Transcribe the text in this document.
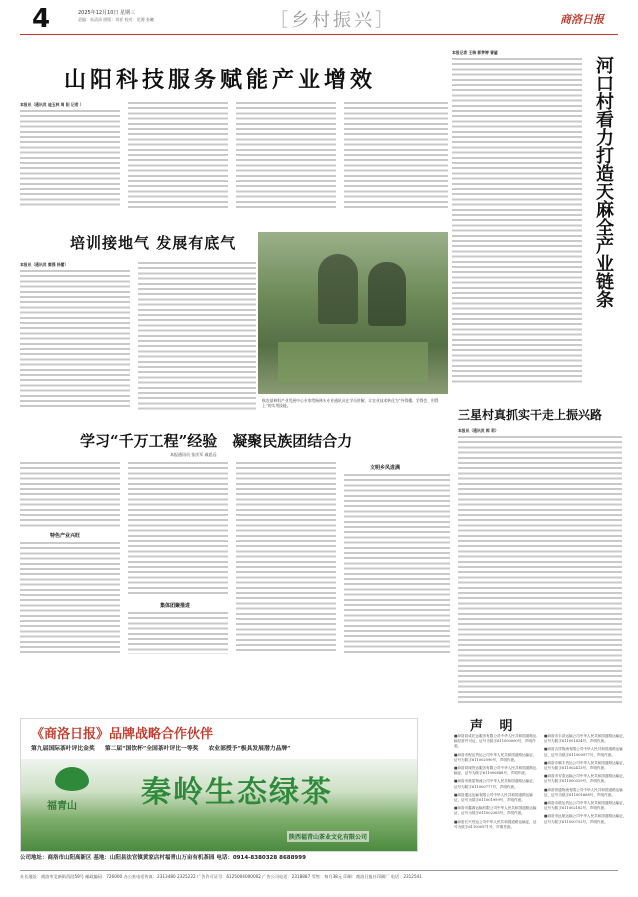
4	2025年12月10日 星期三
责编：朱清清 照版：刘祥 校对：党湘 张曦	［乡村振兴］	商洛日报
山阳科技服务赋能产业增效
本报讯（通讯员 迪玉林 周 阳 记者 ）
本报记者 王瑞 郭梦婷 曾鋆
河口村看力打造天麻全产业链条
培训接地气 发展有底气
本报讯（通讯员 秦强 杨蕾）
秋农基林科产业发展中心专家给杨林头专业通讯员在学员讲解，让农业技术转化为“外得懂、学得会、用得上”的实用技能。
三星村真抓实干走上振兴路
本报讯（通讯员 郭 莉）
学习“千万工程”经验　凝聚民族团结合力
本报通讯员 张庆军 戚思远
特色产业兴旺
集体团聚推进
文明乡风进满
《商洛日报》品牌战略合作伙伴
第九届国际茶叶评比金奖 第二届“国饮杯”全国茶叶评比一等奖 农业部授予“极具发展潜力品牌”
福青山 秦岭生态绿茶
陕西福青山茶业文化有限公司
公司地址：商洛市山阳高新区 基地：山阳县法官镇黄家店村福青山万亩有机茶园 电话：0914-8380328 8688999
声 明
■商洛同成托运服务有限公司中华人民共和国道路运输经营许可证，证号为陕字611000000号，声明作废。
■商洛市程达货运公司中华人民共和国道路运输证，证号为陕字611002090号，声明作废。
■商洛同城货运服务有限公司中华人民共和国道路运输证，证号为陕字611000888号，声明作废。
■商洛市晨星物流公司中华人民共和国道路运输证，证号为陕字611000777号，声明作废。
■商洛通达运输有限公司中华人民共和国道路运输证，证号为陕字611001999号，声明作废。
■商洛市鑫源运输有限公司中华人民共和国道路运输证，证号为陕字611002365号，声明作废。
■商洛长兴货运公司中华人民共和国道路运输证，证号为陕字611000571号，声明作废。
■商洛市丰泽运输公司中华人民共和国道路运输证，证号为陕字611001824号，声明作废。
■商洛吉祥物流有限公司中华人民共和国道路运输证，证号为陕字611000977号，声明作废。
■商洛市顺丰货运公司中华人民共和国道路运输证，证号为陕字611002413号，声明作废。
■商洛市安泰运输公司中华人民共和国道路运输证，证号为陕字611000329号，声明作废。
■商洛恒通物流有限公司中华人民共和国道路运输证，证号为陕字611001668号，声明作废。
■商洛市联运货运公司中华人民共和国道路运输证，证号为陕字611002182号，声明作废。
■商洛市远航运输公司中华人民共和国道路运输证，证号为陕字611000752号，声明作废。
社长地址：商洛市北新街西段59号 邮政编码：726000 办公室电话传真：2313480 2325222 广告许可证号：6125004000002 广告公司电话：2318887 零售：每月38元 印刷：商洛日报社印刷厂 电话：2312541
